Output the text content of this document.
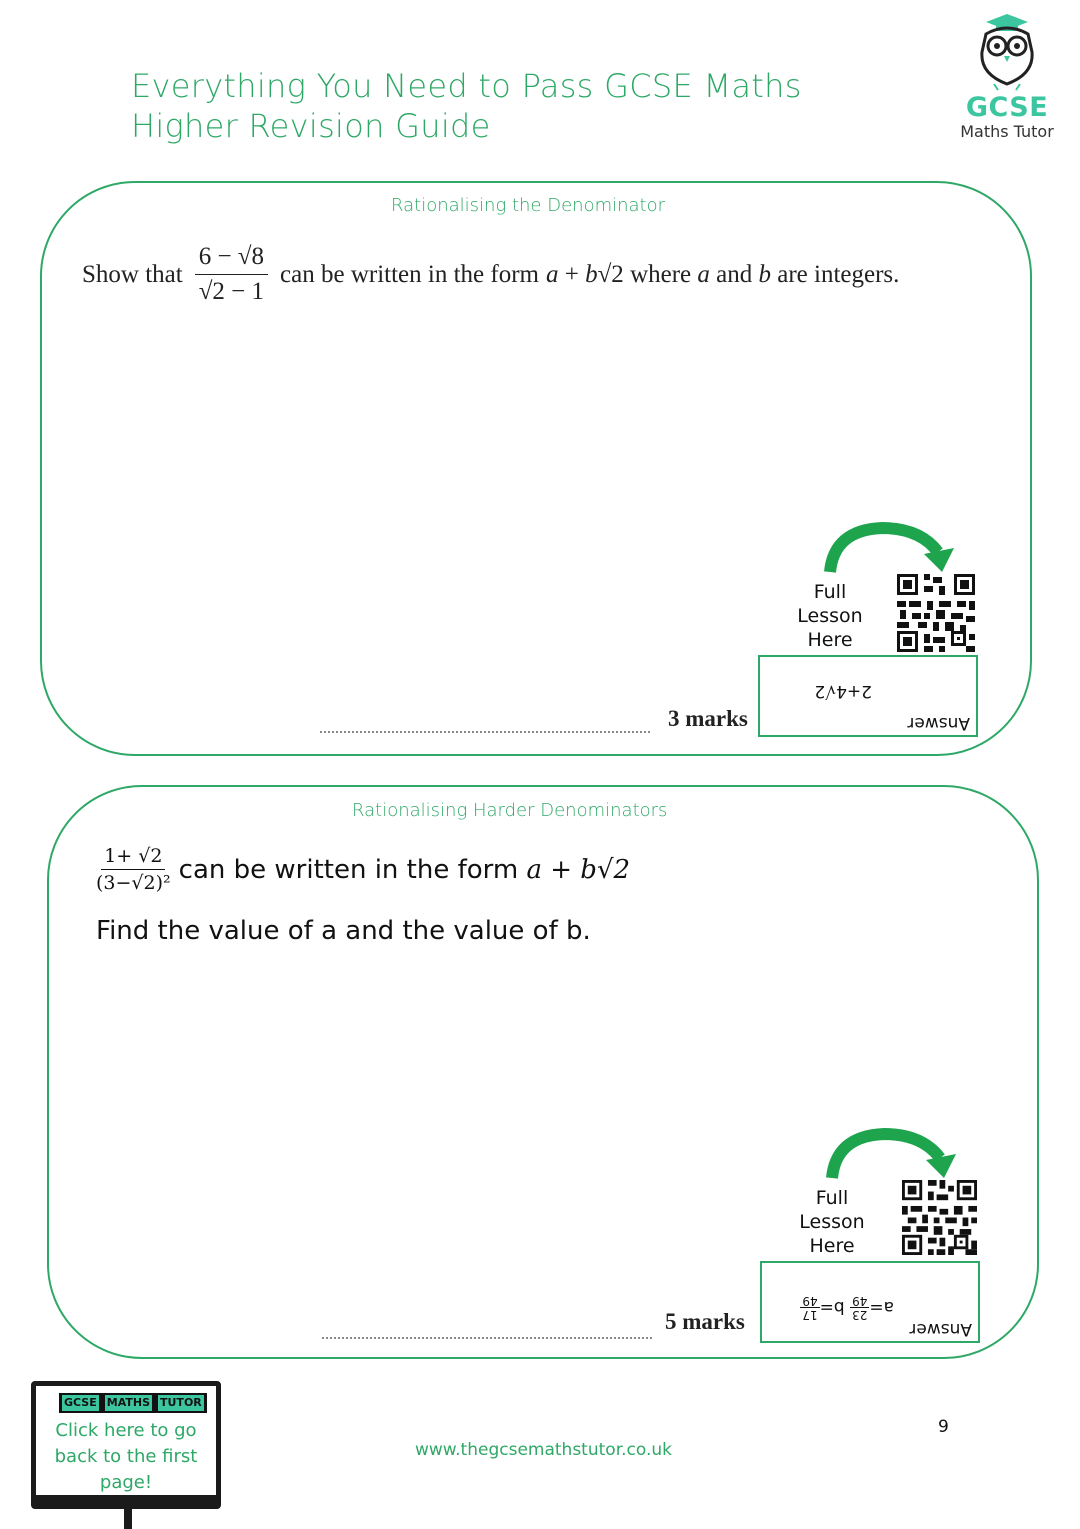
Everything You Need to Pass GCSE Maths
Higher Revision Guide	GCSE
Maths Tutor
Rationalising the Denominator
Show that $\frac{6 - √8}{√2 - 1}$ can be written in the form a + b√2 where a and b are integers.
Full
Lesson
Here
Answer
2+4√2
3 marks
Rationalising Harder Denominators
$\frac{1+ √2}{\text{(3−√2)²}}$ can be written in the form a + b√2
Find the value of a and the value of b.
Full
Lesson
Here
Answer
a=
23
49
b=
17
49
5 marks
GCSE MATHS TUTOR
Click here to go back to the first page!
www.thegcsemathstutor.co.uk
9
